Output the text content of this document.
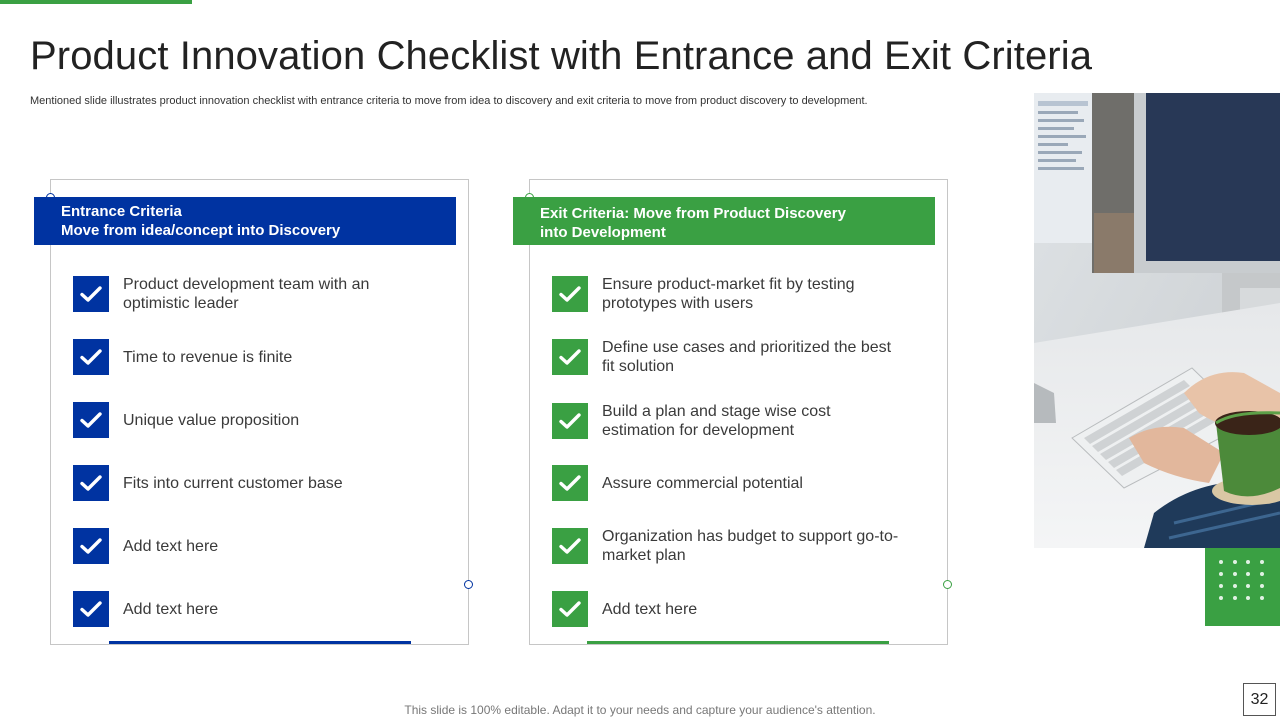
Product Innovation Checklist with Entrance and Exit Criteria

Mentioned slide illustrates product innovation checklist with entrance criteria to move from idea to discovery and exit criteria to move from product discovery to development.

Entrance Criteria
Move from idea/concept into Discovery
Product development team with an optimistic leader
Time to revenue is finite
Unique value proposition
Fits into current customer base
Add text here
Add text here
Exit Criteria: Move from Product Discovery
into Development
Ensure product-market fit by testing prototypes with users
Define use cases and prioritized the best fit solution
Build a plan and stage wise cost estimation for development
Assure commercial potential
Organization has budget to support go-to-market plan
Add text here
This slide is 100% editable. Adapt it to your needs and capture your audience's attention.
32
